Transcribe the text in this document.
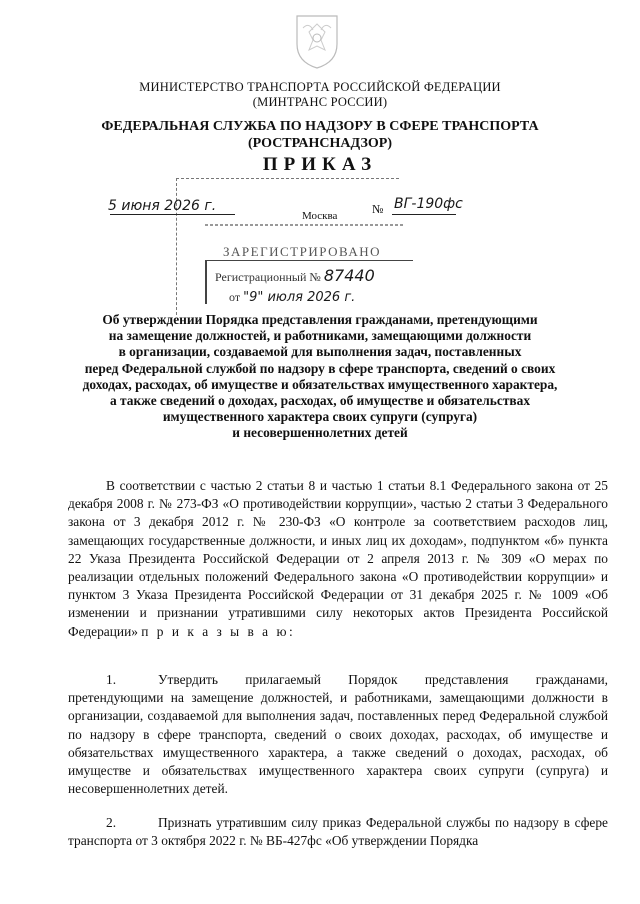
МИНИСТЕРСТВО ТРАНСПОРТА РОССИЙСКОЙ ФЕДЕРАЦИИ
(МИНТРАНС РОССИИ)
ФЕДЕРАЛЬНАЯ СЛУЖБА ПО НАДЗОРУ В СФЕРЕ ТРАНСПОРТА
(РОСТРАНСНАДЗОР)
ПРИКАЗ
5 июня 2026 г.
Москва	№ ВГ-190фс
ЗАРЕГИСТРИРОВАНО
Регистрационный № 87440
от "9" июля 2026 г.
Об утверждении Порядка представления гражданами, претендующими
на замещение должностей, и работниками, замещающими должности
в организации, создаваемой для выполнения задач, поставленных
перед Федеральной службой по надзору в сфере транспорта, сведений о своих
доходах, расходах, об имуществе и обязательствах имущественного характера,
а также сведений о доходах, расходах, об имуществе и обязательствах
имущественного характера своих супруги (супруга)
и несовершеннолетних детей
В соответствии с частью 2 статьи 8 и частью 1 статьи 8.1 Федерального закона от 25 декабря 2008 г. № 273-ФЗ «О противодействии коррупции», частью 2 статьи 3 Федерального закона от 3 декабря 2012 г. № 230-ФЗ «О контроле за соответствием расходов лиц, замещающих государственные должности, и иных лиц их доходам», подпунктом «б» пункта 22 Указа Президента Российской Федерации от 2 апреля 2013 г. № 309 «О мерах по реализации отдельных положений Федерального закона «О противодействии коррупции» и пунктом 3 Указа Президента Российской Федерации от 31 декабря 2025 г. № 1009 «Об изменении и признании утратившими силу некоторых актов Президента Российской Федерации» п р и к а з ы в а ю:
1.	Утвердить прилагаемый Порядок представления гражданами, претендующими на замещение должностей, и работниками, замещающими должности в организации, создаваемой для выполнения задач, поставленных перед Федеральной службой по надзору в сфере транспорта, сведений о своих доходах, расходах, об имуществе и обязательствах имущественного характера, а также сведений о доходах, расходах, об имуществе и обязательствах имущественного характера своих супруги (супруга) и несовершеннолетних детей.
2.	Признать утратившим силу приказ Федеральной службы по надзору в сфере транспорта от 3 октября 2022 г. № ВБ-427фс «Об утверждении Порядка
